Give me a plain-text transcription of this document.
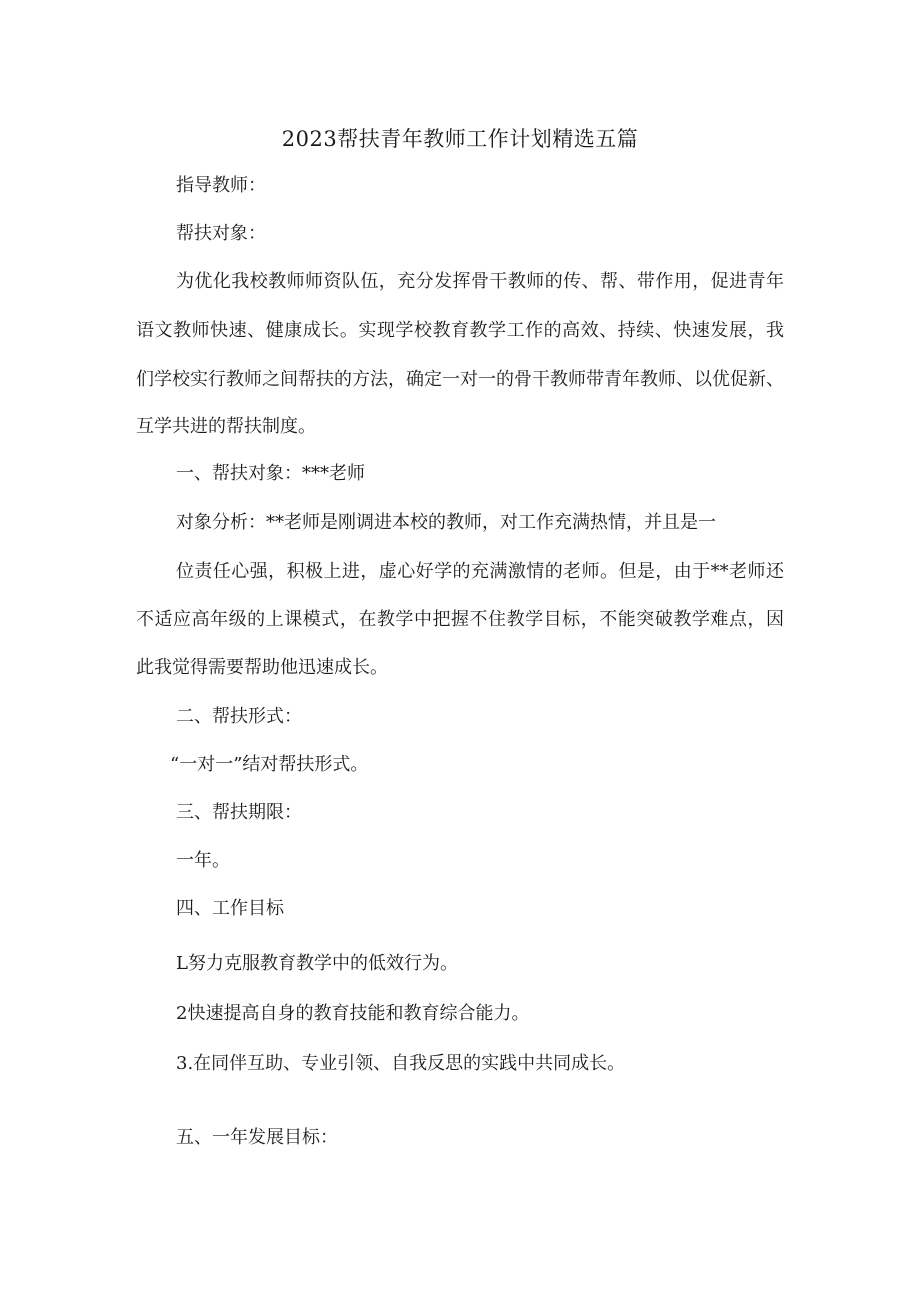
2023帮扶青年教师工作计划精选五篇
指导教师：
帮扶对象：
为优化我校教师师资队伍，充分发挥骨干教师的传、帮、带作用，促进青年
语文教师快速、健康成长。实现学校教育教学工作的高效、持续、快速发展，我
们学校实行教师之间帮扶的方法，确定一对一的骨干教师带青年教师、以优促新、
互学共进的帮扶制度。
一、帮扶对象：***老师
对象分析：**老师是刚调进本校的教师，对工作充满热情，并且是一
位责任心强，积极上进，虚心好学的充满激情的老师。但是，由于**老师还
不适应高年级的上课模式，在教学中把握不住教学目标，不能突破教学难点，因
此我觉得需要帮助他迅速成长。
二、帮扶形式：
“一对一”结对帮扶形式。
三、帮扶期限：
一年。
四、工作目标
L努力克服教育教学中的低效行为。
2快速提高自身的教育技能和教育综合能力。
3.在同伴互助、专业引领、自我反思的实践中共同成长。
五、一年发展目标：
